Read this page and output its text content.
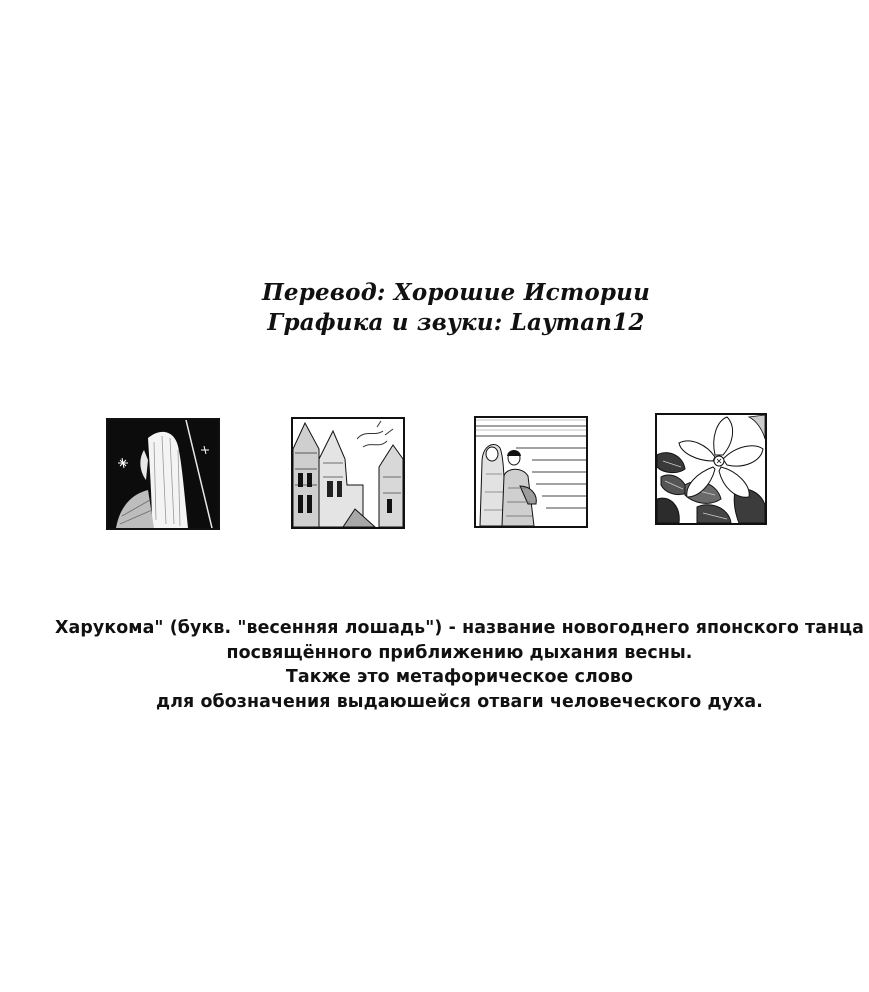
Перевод: Хорошие Истории
Графика и звуки: Layman12
Харукома" (букв. "весенняя лошадь") - название новогоднего японского танца
посвящённого приближению дыхания весны.
Также это метафорическое слово
для обозначения выдаюшейся отваги человеческого духа.
